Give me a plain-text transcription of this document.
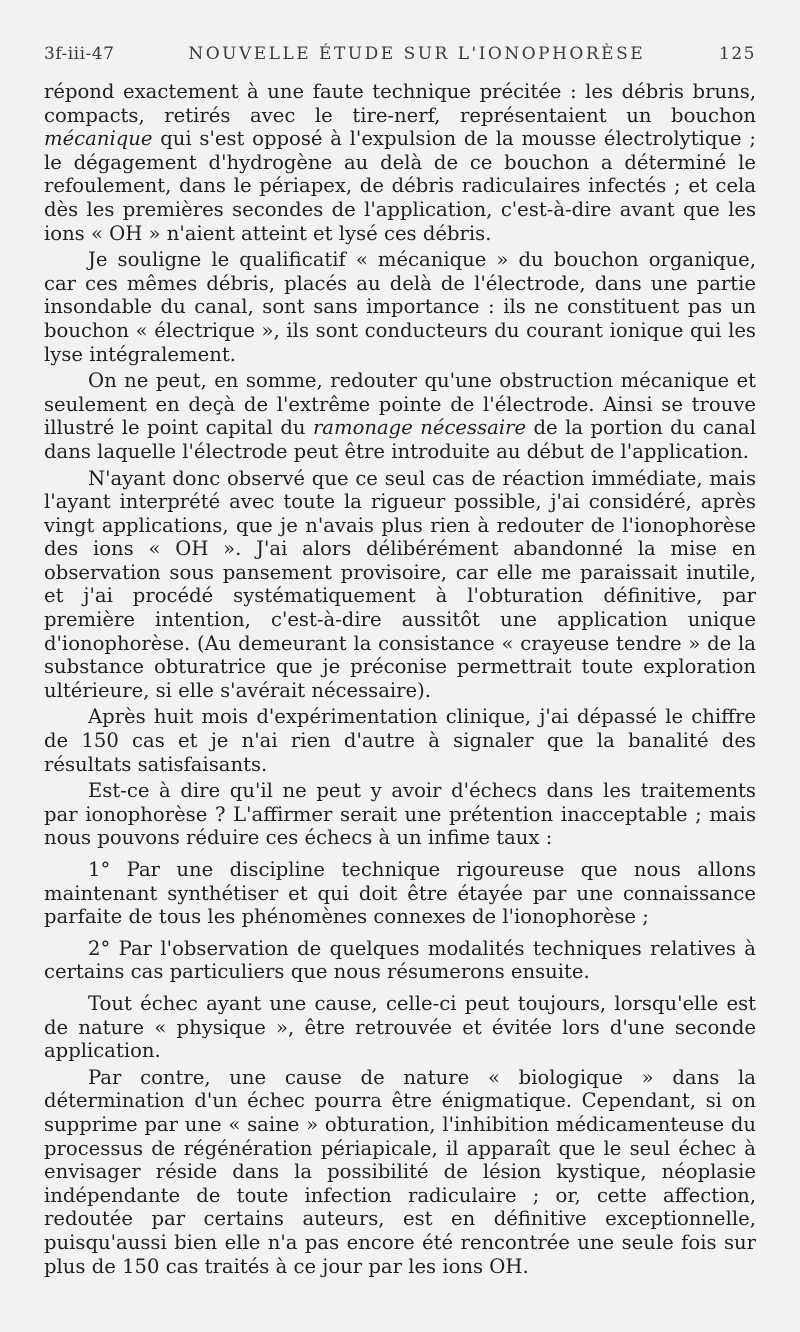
3f-iii-47	NOUVELLE ÉTUDE SUR L'IONOPHORÈSE	125

répond exactement à une faute technique précitée : les débris bruns, compacts, retirés avec le tire-nerf, représentaient un bouchon mécanique qui s'est opposé à l'expulsion de la mousse électrolytique ; le dégagement d'hydrogène au delà de ce bouchon a déterminé le refoulement, dans le périapex, de débris radiculaires infectés ; et cela dès les premières secondes de l'application, c'est-à-dire avant que les ions « OH » n'aient atteint et lysé ces débris.

Je souligne le qualificatif « mécanique » du bouchon organique, car ces mêmes débris, placés au delà de l'électrode, dans une partie insondable du canal, sont sans importance : ils ne constituent pas un bouchon « électrique », ils sont conducteurs du courant ionique qui les lyse intégralement.

On ne peut, en somme, redouter qu'une obstruction mécanique et seulement en deçà de l'extrême pointe de l'électrode. Ainsi se trouve illustré le point capital du ramonage nécessaire de la portion du canal dans laquelle l'électrode peut être introduite au début de l'application.

N'ayant donc observé que ce seul cas de réaction immédiate, mais l'ayant interprété avec toute la rigueur possible, j'ai considéré, après vingt applications, que je n'avais plus rien à redouter de l'ionophorèse des ions « OH ». J'ai alors délibérément abandonné la mise en observation sous pansement provisoire, car elle me paraissait inutile, et j'ai procédé systématiquement à l'obturation définitive, par première intention, c'est-à-dire aussitôt une application unique d'ionophorèse. (Au demeurant la consistance « crayeuse tendre » de la substance obturatrice que je préconise permettrait toute exploration ultérieure, si elle s'avérait nécessaire).

Après huit mois d'expérimentation clinique, j'ai dépassé le chiffre de 150 cas et je n'ai rien d'autre à signaler que la banalité des résultats satisfaisants.

Est-ce à dire qu'il ne peut y avoir d'échecs dans les traitements par ionophorèse ? L'affirmer serait une prétention inacceptable ; mais nous pouvons réduire ces échecs à un infime taux :

1° Par une discipline technique rigoureuse que nous allons maintenant synthétiser et qui doit être étayée par une connaissance parfaite de tous les phénomènes connexes de l'ionophorèse ;

2° Par l'observation de quelques modalités techniques relatives à certains cas particuliers que nous résumerons ensuite.

Tout échec ayant une cause, celle-ci peut toujours, lorsqu'elle est de nature « physique », être retrouvée et évitée lors d'une seconde application.

Par contre, une cause de nature « biologique » dans la détermination d'un échec pourra être énigmatique. Cependant, si on supprime par une « saine » obturation, l'inhibition médicamenteuse du processus de régénération périapicale, il apparaît que le seul échec à envisager réside dans la possibilité de lésion kystique, néoplasie indépendante de toute infection radiculaire ; or, cette affection, redoutée par certains auteurs, est en définitive exceptionnelle, puisqu'aussi bien elle n'a pas encore été rencontrée une seule fois sur plus de 150 cas traités à ce jour par les ions OH.
